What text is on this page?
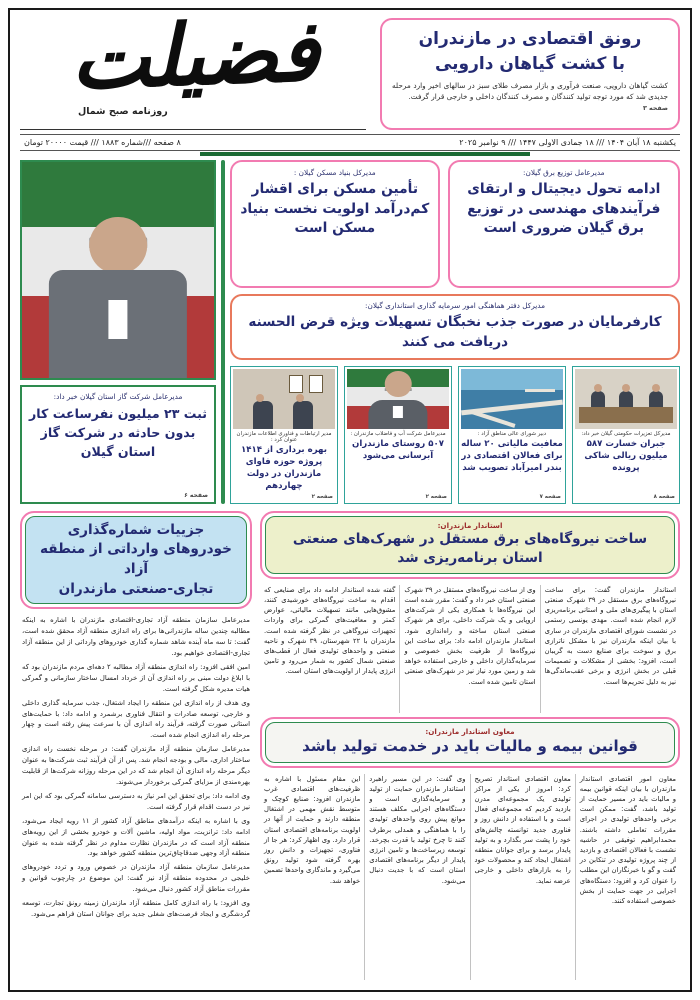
رونق اقتصادی در مازندران
با کشت گیاهان دارویی
کشت گیاهان دارویی، صنعت فرآوری و بازار مصرف طلای سبز در سالهای اخیر وارد مرحله جدیدی شد که مورد توجه تولید کنندگان و مصرف کنندگان داخلی و خارجی قرار گرفت.
صفحه ۳
فضیلت
روزنامه صبح شمال
یکشنبه ۱۸ آبان ۱۴۰۴ /// ۱۸ جمادی الاولی ۱۴۴۷ /// ۹ نوامبر ۲۰۲۵
۸ صفحه ///شماره ۱۸۸۳ /// قیمت ۲۰۰۰۰ تومان
مدیرعامل توزیع برق گیلان:
ادامه تحول دیجیتال و ارتقای فرآیندهای مهندسی در توزیع برق گیلان ضروری است
مدیرکل بنیاد مسکن گیلان :
تأمین مسکن برای اقشار کم‌درآمد اولویت نخست بنیاد مسکن است
مدیرکل دفتر هماهنگی امور سرمایه گذاری استانداری گیلان:
کارفرمایان در صورت جذب نخبگان تسهیلات ویژه قرض الحسنه دریافت می کنند
مدیرکل تعزیرات حکومتی گیلان خبر داد:
جبران خسارت ۵۸۷ میلیون ریالی شاکی پرونده
صفحه ۸
دبیر شورای عالی مناطق آزاد :
معافیت مالیاتی ۲۰ ساله برای فعالان اقتصادی در بندر امیرآباد تصویب شد
صفحه ۷
مدیرعامل شرکت آب و فاضلاب مازندران :
۵۰۷ روستای مازندران آبرسانی می‌شود
صفحه ۲
مدیر ارتباطات و فناوری اطلاعات مازندران عنوان کرد :
بهره برداری از ۱۴۱۴ پروژه حوزه فاوای مازندران در دولت چهاردهم
صفحه ۲
مدیرعامل شرکت گاز استان گیلان خبر داد:
ثبت ۲۳ میلیون نفرساعت کار بدون حادثه در شرکت گاز استان گیلان
صفحه ۶
استاندار مازندران:
ساخت نیروگاه‌های برق مستقل در شهرک‌های صنعتی
استان برنامه‌ریزی شد
استاندار مازندران گفت: برای ساخت نیروگاه‌های برق مستقل در ۳۹ شهرک صنعتی استان با پیگیری‌های ملی و استانی برنامه‌ریزی لازم انجام شده است. مهدی یونسی رستمی در نشست شورای اقتصادی مازندران در ساری با بیان اینکه مازندران نیز با مشکل ناترازی برق و سوخت برای صنایع دست به گریبان است، افزود: بخشی از مشکلات و تصمیمات قبلی در بخش انرژی و برخی عقب‌ماندگی‌ها نیز به دلیل تحریم‌ها است.
وی از ساخت نیروگاه‌های مستقل در ۳۹ شهرک صنعتی استان خبر داد و گفت: مقرر شده است این نیروگاه‌ها با همکاری یکی از شرکت‌های اروپایی و یک شرکت داخلی، برای هر شهرک صنعتی استان ساخته و راه‌اندازی شود. استاندار مازندران ادامه داد: برای ساخت این نیروگاه‌ها از ظرفیت بخش خصوصی و سرمایه‌گذاران داخلی و خارجی استفاده خواهد شد و زمین مورد نیاز نیز در شهرک‌های صنعتی استان تامین شده است.
گفته شده استاندار ادامه داد برای صنایعی که اقدام به ساخت نیروگاه‌های خورشیدی کنند، مشوق‌هایی مانند تسهیلات مالیاتی، عوارض کمتر و معافیت‌های گمرکی برای واردات تجهیزات نیروگاهی در نظر گرفته شده است. مازندران با ۲۲ شهرستان، ۳۹ شهرک و ناحیه صنعتی و واحدهای تولیدی فعال از قطب‌های صنعتی شمال کشور به شمار می‌رود و تامین انرژی پایدار از اولویت‌های استان است.
معاون استاندار مازندران:
قوانین بیمه و مالیات باید در خدمت تولید باشد
معاون امور اقتصادی استاندار مازندران با بیان اینکه قوانین بیمه و مالیات باید در مسیر حمایت از تولید باشد، گفت: ممکن است برخی واحدهای تولیدی در اجرای مقررات تعاملی داشته باشند. محمدابراهیم توفیقی در حاشیه نشست با فعالان اقتصادی و بازدید از چند پروژه تولیدی در تنکابن در گفت و گو با خبرنگاران این مطلب را عنوان کرد و افزود: دستگاه‌های اجرایی در جهت حمایت از بخش خصوصی استفاده کنند.
معاون اقتصادی استاندار تصریح کرد: امروز از یکی از مراکز تولیدی یک مجموعه‌ای مدرن بازدید کردیم که مجموعه‌ای فعال است و با استفاده از دانش روز و فناوری جدید توانسته چالش‌های خود را پشت سر بگذارد و به تولید پایدار برسد و برای جوانان منطقه اشتغال ایجاد کند و محصولات خود را به بازارهای داخلی و خارجی عرضه نماید.
وی گفت: در این مسیر راهبرد استاندار مازندران حمایت از تولید و سرمایه‌گذاری است و دستگاه‌های اجرایی مکلف هستند موانع پیش روی واحدهای تولیدی را با هماهنگی و همدلی برطرف کنند تا چرخ تولید با قدرت بچرخد. توسعه زیرساخت‌ها و تامین انرژی پایدار از دیگر برنامه‌های اقتصادی استان است که با جدیت دنبال می‌شود.
این مقام مسئول با اشاره به ظرفیت‌های اقتصادی غرب مازندران افزود: صنایع کوچک و متوسط نقش مهمی در اشتغال منطقه دارند و حمایت از آنها در اولویت برنامه‌های اقتصادی استان قرار دارد. وی اظهار کرد: هر جا از فناوری، تجهیزات و دانش روز بهره گرفته شود تولید رونق می‌گیرد و ماندگاری واحدها تضمین خواهد شد.
جزییات شماره‌گذاری
خودروهای وارداتی از منطقه آزاد
تجاری-صنعتی مازندران

مدیرعامل سازمان منطقه آزاد تجاری-اقتصادی مازندران با اشاره به اینکه مطالبه چندین ساله مازندرانی‌ها برای راه اندازی منطقه آزاد محقق شده است، گفت: تا سه ماه آینده شاهد شماره گذاری خودروهای وارداتی از این منطقه آزاد تجاری-اقتصادی خواهیم بود.

امین افقی افزود: راه اندازی منطقه آزاد مطالبه ۲ دهه‌ای مردم مازندران بود که با ابلاغ دولت مبنی بر راه اندازی آن از خرداد امسال ساختار سازمانی و گمرکی هیات مدیره شکل گرفته است.

وی هدف از راه اندازی این منطقه را ایجاد اشتغال، جذب سرمایه گذاری داخلی و خارجی، توسعه صادرات و انتقال فناوری برشمرد و ادامه داد: با حمایت‌های استانی صورت گرفته، فرآیند راه اندازی آن با سرعت پیش رفته است و چهار مرحله راه اندازی انجام شده است.

مدیرعامل سازمان منطقه آزاد مازندران گفت: در مرحله نخست راه اندازی ساختار اداری، مالی و بودجه انجام شد. پس از آن فرآیند ثبت شرکت‌ها به عنوان دیگر مرحله راه اندازی آن انجام شد که در این مرحله روزانه شرکت‌ها از قابلیت بهره‌مندی از مزایای گمرکی برخوردار می‌شوند.

وی ادامه داد: برای تحقق این امر نیاز به دسترسی سامانه گمرکی بود که این امر نیز در دست اقدام قرار گرفته است.

وی با اشاره به اینکه درآمدهای مناطق آزاد کشور از ۱۱ رویه ایجاد می‌شود، ادامه داد: ترانزیت، مواد اولیه، ماشین آلات و خودرو بخشی از این رویه‌های منطقه آزاد است که در مازندران نظارت مداوم در نظر گرفته شده به عنوان منطقه آزاد وجهی ضدقاچاق‌ترین منطقه کشور خواهد بود.

مدیرعامل سازمان منطقه آزاد مازندران در خصوص ورود و تردد خودروهای خلیجی در محدوده منطقه آزاد نیز گفت: این موضوع در چارچوب قوانین و مقررات مناطق آزاد کشور دنبال می‌شود.

وی افزود: با راه اندازی کامل منطقه آزاد مازندران زمینه رونق تجارت، توسعه گردشگری و ایجاد فرصت‌های شغلی جدید برای جوانان استان فراهم می‌شود.
